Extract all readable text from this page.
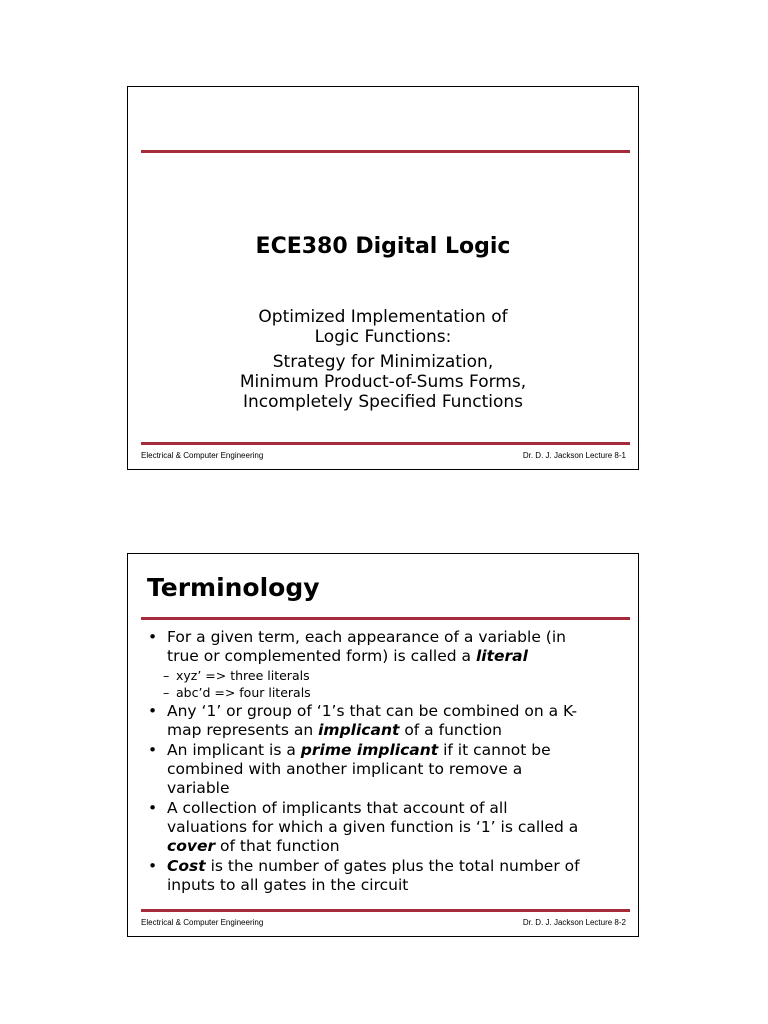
ECE380 Digital Logic
Optimized Implementation of
Logic Functions:
Strategy for Minimization,
Minimum Product-of-Sums Forms,
Incompletely Specified Functions
Electrical & Computer Engineering	Dr. D. J. Jackson Lecture 8-1
Terminology
• For a given term, each appearance of a variable (in
true or complemented form) is called a literal
– xyz’ => three literals
– abc’d => four literals
• Any ‘1’ or group of ‘1’s that can be combined on a K-
map represents an implicant of a function
• An implicant is a prime implicant if it cannot be
combined with another implicant to remove a
variable
• A collection of implicants that account of all
valuations for which a given function is ‘1’ is called a
cover of that function
• Cost is the number of gates plus the total number of
inputs to all gates in the circuit
Electrical & Computer Engineering	Dr. D. J. Jackson Lecture 8-2
